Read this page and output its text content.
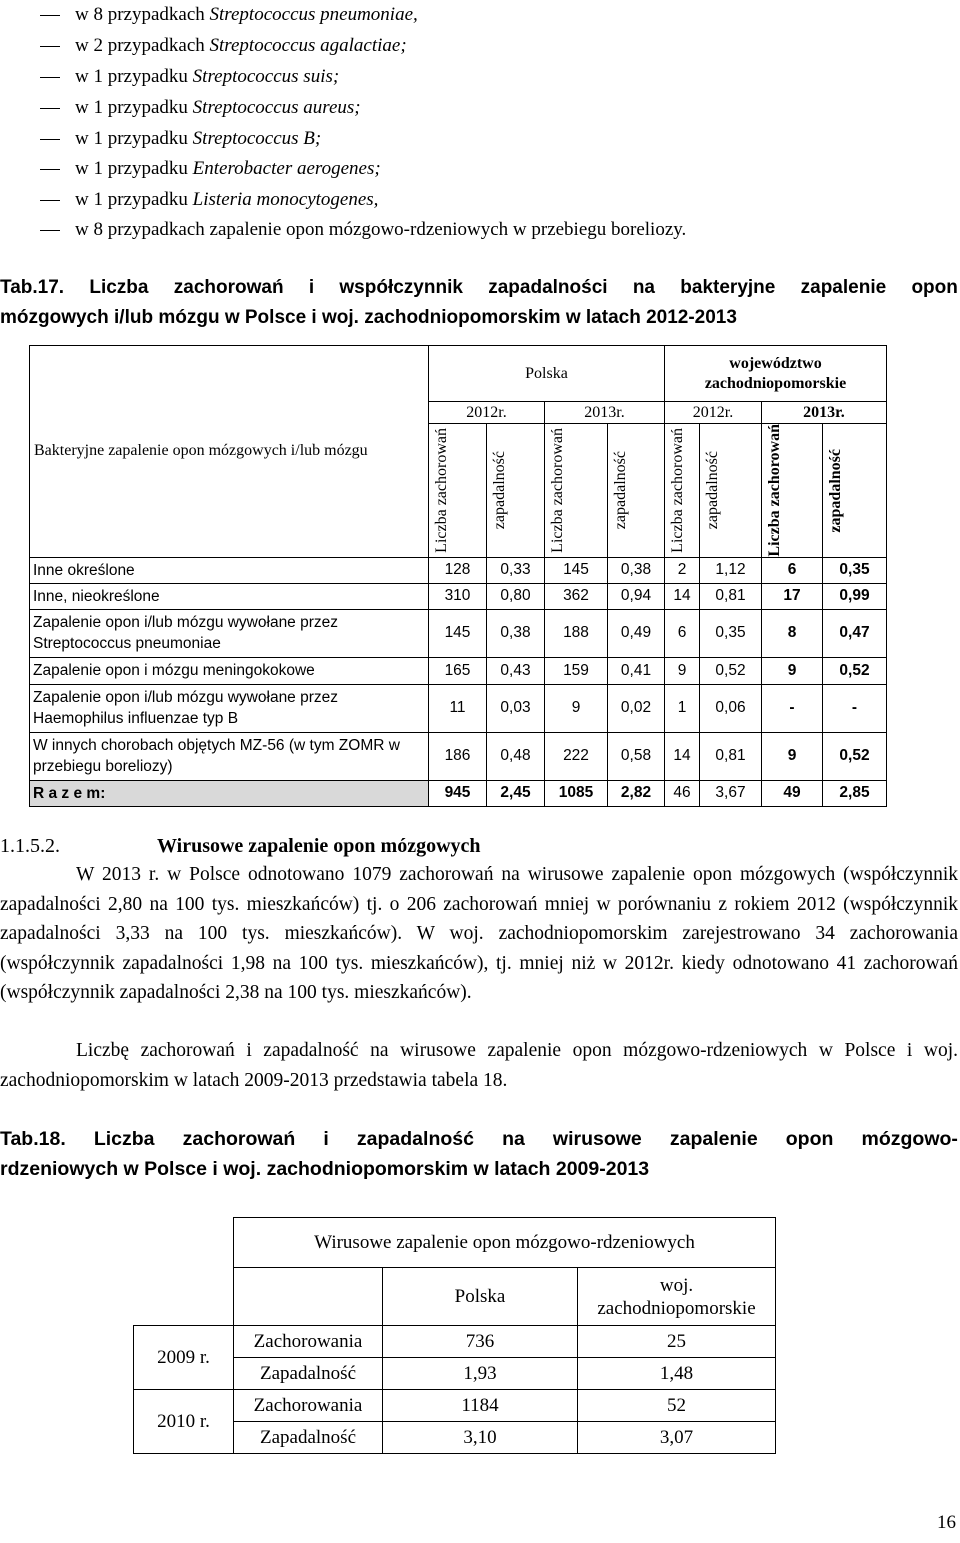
w 8 przypadkach Streptococcus pneumoniae,
w 2 przypadkach Streptococcus agalactiae;
w 1 przypadku Streptococcus suis;
w 1 przypadku Streptococcus aureus;
w 1 przypadku Streptococcus B;
w 1 przypadku Enterobacter aerogenes;
w 1 przypadku Listeria monocytogenes,
w 8 przypadkach zapalenie opon mózgowo-rdzeniowych w przebiegu boreliozy.
Tab.17. Liczba zachorowań i współczynnik zapadalności na bakteryjne zapalenie opon
mózgowych i/lub mózgu w Polsce i woj. zachodniopomorskim w latach 2012-2013
Bakteryjne zapalenie opon mózgowych i/lub mózgu	Polska				województwo zachodniopomorskie			
	2012r.		2013r.		2012r.		2013r.	

	Liczba zachorowań	zapadalność	Liczba zachorowań	zapadalność	Liczba zachorowań	zapadalność	Liczba zachorowań	zapadalność

Inne określone	128	0,33	145	0,38	2	1,12	6	0,35
Inne, nieokreślone	310	0,80	362	0,94	14	0,81	17	0,99
Zapalenie opon i/lub mózgu wywołane przez Streptococcus pneumoniae	145	0,38	188	0,49	6	0,35	8	0,47
Zapalenie opon i mózgu meningokokowe	165	0,43	159	0,41	9	0,52	9	0,52
Zapalenie opon i/lub mózgu wywołane przez Haemophilus influenzae typ B	11	0,03	9	0,02	1	0,06	-	-
W innych chorobach objętych MZ-56 (w tym ZOMR w przebiegu boreliozy)	186	0,48	222	0,58	14	0,81	9	0,52
R a z e m:	945	2,45	1085	2,82	46	3,67	49	2,85
1.1.5.2.	Wirusowe zapalenie opon mózgowych
W 2013 r. w Polsce odnotowano 1079 zachorowań na wirusowe zapalenie opon mózgowych (współczynnik zapadalności 2,80 na 100 tys. mieszkańców) tj. o 206 zachorowań mniej w porównaniu z rokiem 2012 (współczynnik zapadalności 3,33 na 100 tys. mieszkańców). W woj. zachodniopomorskim zarejestrowano 34 zachorowania (współczynnik zapadalności 1,98 na 100 tys. mieszkańców), tj. mniej niż w 2012r. kiedy odnotowano 41 zachorowań (współczynnik zapadalności 2,38 na 100 tys. mieszkańców).
Liczbę zachorowań i zapadalność na wirusowe zapalenie opon mózgowo-rdzeniowych w Polsce i woj. zachodniopomorskim w latach 2009-2013 przedstawia tabela 18.
Tab.18. Liczba zachorowań i zapadalność na wirusowe zapalenie opon mózgowo-
rdzeniowych w Polsce i woj. zachodniopomorskim w latach 2009-2013
	Wirusowe zapalenie opon mózgowo-rdzeniowych		
		Polska	woj. zachodniopomorskie
2009 r.	Zachorowania	736	25
	Zapadalność	1,93	1,48
2010 r.	Zachorowania	1184	52
	Zapadalność	3,10	3,07
16
